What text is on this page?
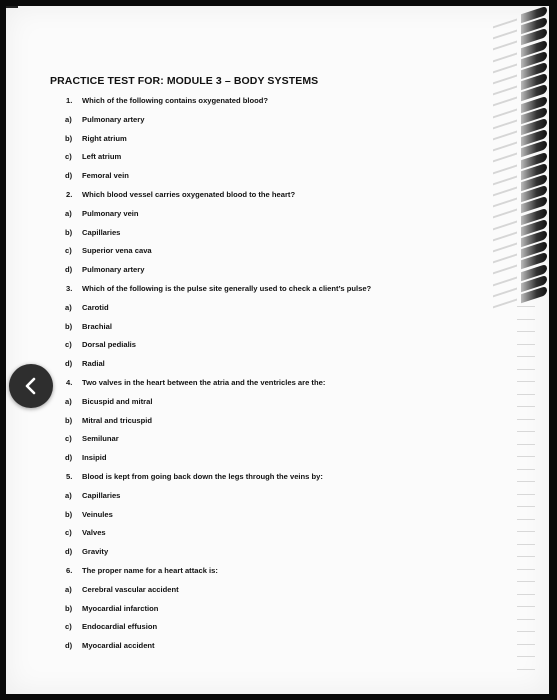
PRACTICE TEST FOR: MODULE 3 – BODY SYSTEMS
1. Which of the following contains oxygenated blood?
a) Pulmonary artery
b) Right atrium
c) Left atrium
d) Femoral vein
2. Which blood vessel carries oxygenated blood to the heart?
a) Pulmonary vein
b) Capillaries
c) Superior vena cava
d) Pulmonary artery
3. Which of the following is the pulse site generally used to check a client’s pulse?
a) Carotid
b) Brachial
c) Dorsal pedialis
d) Radial
4. Two valves in the heart between the atria and the ventricles are the:
a) Bicuspid and mitral
b) Mitral and tricuspid
c) Semilunar
d) Insipid
5. Blood is kept from going back down the legs through the veins by:
a) Capillaries
b) Veinules
c) Valves
d) Gravity
6. The proper name for a heart attack is:
a) Cerebral vascular accident
b) Myocardial infarction
c) Endocardial effusion
d) Myocardial accident
